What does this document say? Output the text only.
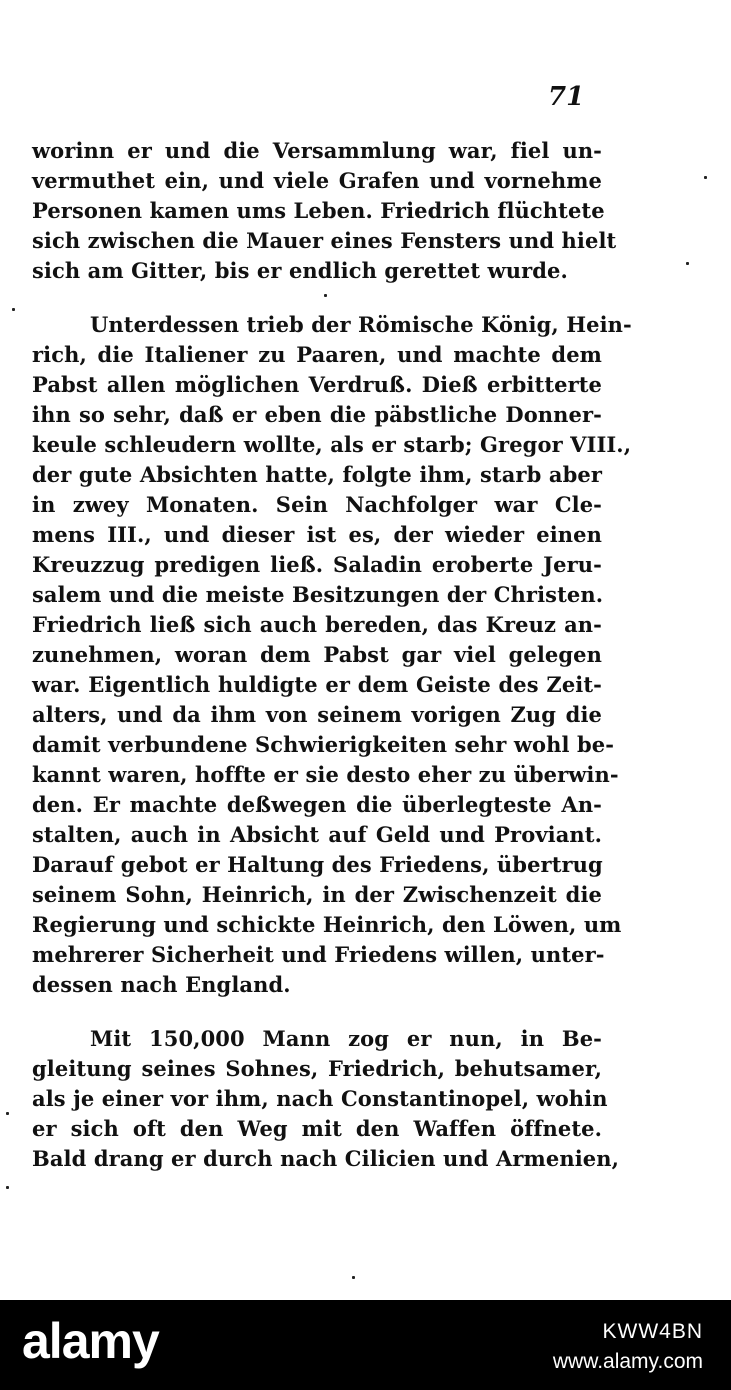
71
worinn er und die Versammlung war, fiel un-
vermuthet ein, und viele Grafen und vornehme
Personen kamen ums Leben. Friedrich flüchtete
sich zwischen die Mauer eines Fensters und hielt
sich am Gitter, bis er endlich gerettet wurde.
Unterdessen trieb der Römische König, Hein-
rich, die Italiener zu Paaren, und machte dem
Pabst allen möglichen Verdruß. Dieß erbitterte
ihn so sehr, daß er eben die päbstliche Donner-
keule schleudern wollte, als er starb; Gregor VIII.,
der gute Absichten hatte, folgte ihm, starb aber
in zwey Monaten. Sein Nachfolger war Cle-
mens III., und dieser ist es, der wieder einen
Kreuzzug predigen ließ. Saladin eroberte Jeru-
salem und die meiste Besitzungen der Christen.
Friedrich ließ sich auch bereden, das Kreuz an-
zunehmen, woran dem Pabst gar viel gelegen
war. Eigentlich huldigte er dem Geiste des Zeit-
alters, und da ihm von seinem vorigen Zug die
damit verbundene Schwierigkeiten sehr wohl be-
kannt waren, hoffte er sie desto eher zu überwin-
den. Er machte deßwegen die überlegteste An-
stalten, auch in Absicht auf Geld und Proviant.
Darauf gebot er Haltung des Friedens, übertrug
seinem Sohn, Heinrich, in der Zwischenzeit die
Regierung und schickte Heinrich, den Löwen, um
mehrerer Sicherheit und Friedens willen, unter-
dessen nach England.
Mit 150,000 Mann zog er nun, in Be-
gleitung seines Sohnes, Friedrich, behutsamer,
als je einer vor ihm, nach Constantinopel, wohin
er sich oft den Weg mit den Waffen öffnete.
Bald drang er durch nach Cilicien und Armenien,
alamy	KWW4BN
www.alamy.com
